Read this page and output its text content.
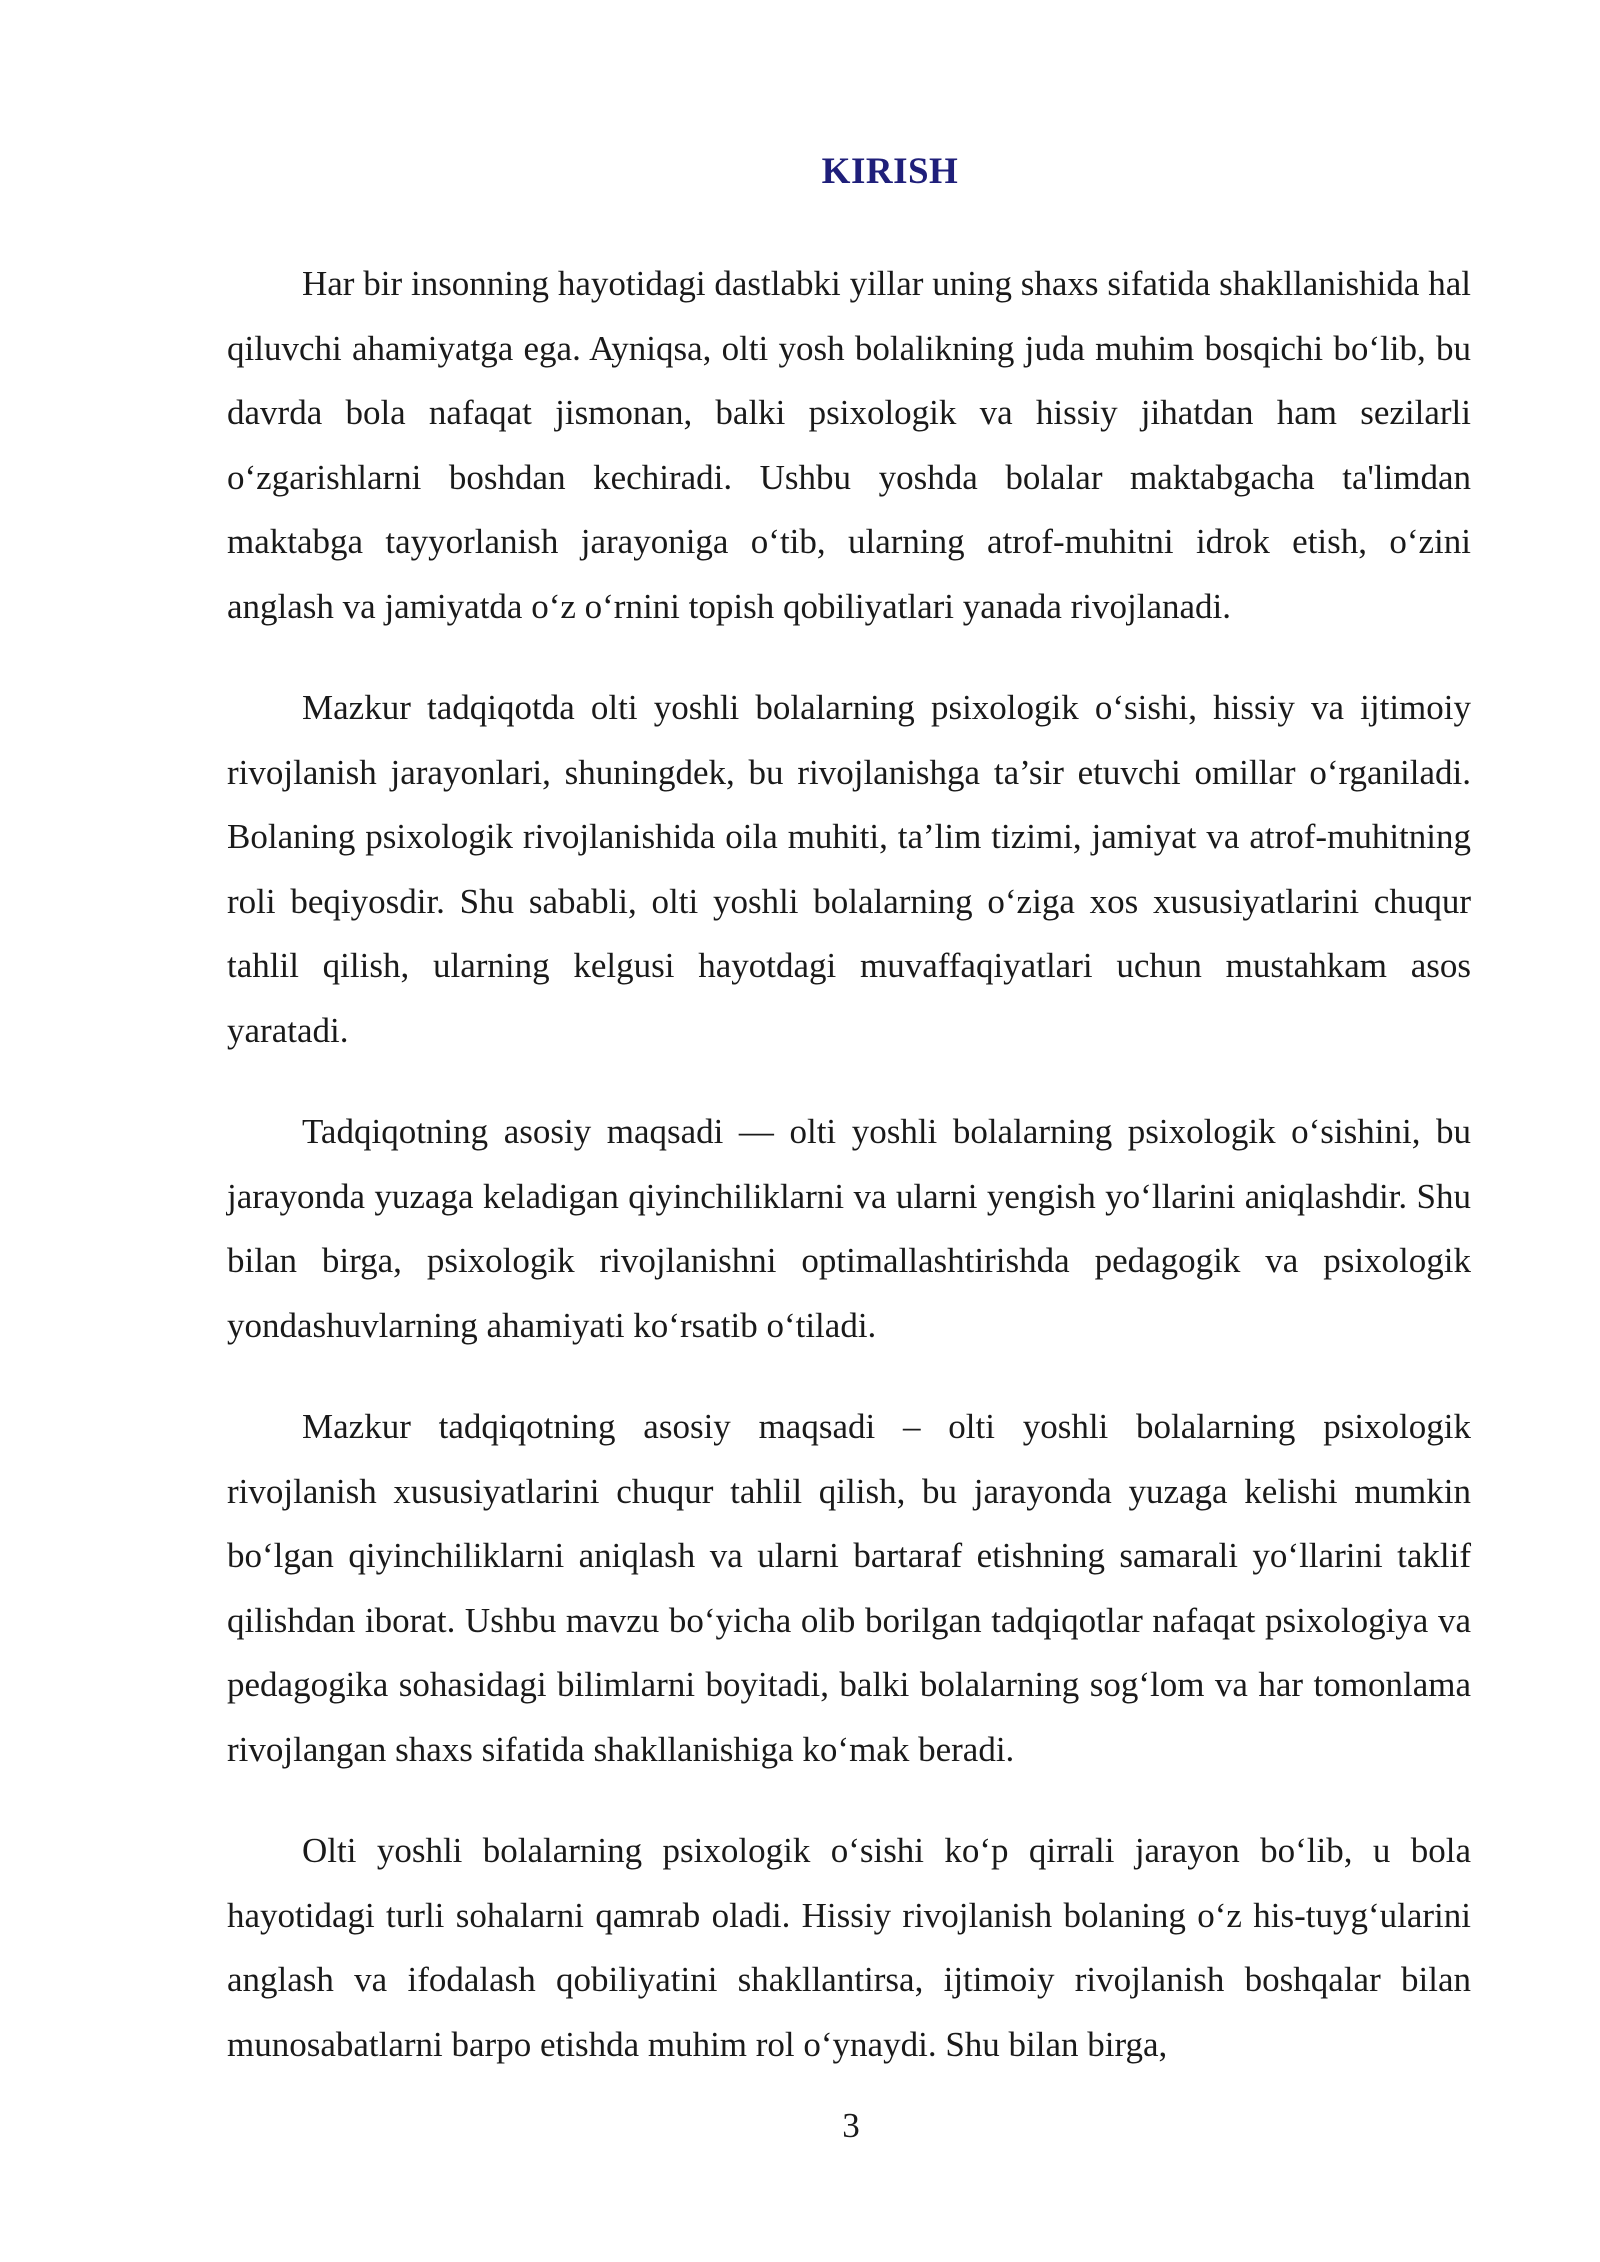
KIRISH

Har bir insonning hayotidagi dastlabki yillar uning shaxs sifatida shakllanishida hal qiluvchi ahamiyatga ega. Ayniqsa, olti yosh bolalikning juda muhim bosqichi bo‘lib, bu davrda bola nafaqat jismonan, balki psixologik va hissiy jihatdan ham sezilarli o‘zgarishlarni boshdan kechiradi. Ushbu yoshda bolalar maktabgacha ta'limdan maktabga tayyorlanish jarayoniga o‘tib, ularning atrof-muhitni idrok etish, o‘zini anglash va jamiyatda o‘z o‘rnini topish qobiliyatlari yanada rivojlanadi.

Mazkur tadqiqotda olti yoshli bolalarning psixologik o‘sishi, hissiy va ijtimoiy rivojlanish jarayonlari, shuningdek, bu rivojlanishga ta’sir etuvchi omillar o‘rganiladi. Bolaning psixologik rivojlanishida oila muhiti, ta’lim tizimi, jamiyat va atrof-muhitning roli beqiyosdir. Shu sababli, olti yoshli bolalarning o‘ziga xos xususiyatlarini chuqur tahlil qilish, ularning kelgusi hayotdagi muvaffaqiyatlari uchun mustahkam asos yaratadi.

Tadqiqotning asosiy maqsadi — olti yoshli bolalarning psixologik o‘sishini, bu jarayonda yuzaga keladigan qiyinchiliklarni va ularni yengish yo‘llarini aniqlashdir. Shu bilan birga, psixologik rivojlanishni optimallashtirishda pedagogik va psixologik yondashuvlarning ahamiyati ko‘rsatib o‘tiladi.

Mazkur tadqiqotning asosiy maqsadi – olti yoshli bolalarning psixologik rivojlanish xususiyatlarini chuqur tahlil qilish, bu jarayonda yuzaga kelishi mumkin bo‘lgan qiyinchiliklarni aniqlash va ularni bartaraf etishning samarali yo‘llarini taklif qilishdan iborat. Ushbu mavzu bo‘yicha olib borilgan tadqiqotlar nafaqat psixologiya va pedagogika sohasidagi bilimlarni boyitadi, balki bolalarning sog‘lom va har tomonlama rivojlangan shaxs sifatida shakllanishiga ko‘mak beradi.

Olti yoshli bolalarning psixologik o‘sishi ko‘p qirrali jarayon bo‘lib, u bola hayotidagi turli sohalarni qamrab oladi. Hissiy rivojlanish bolaning o‘z his-tuyg‘ularini anglash va ifodalash qobiliyatini shakllantirsa, ijtimoiy rivojlanish boshqalar bilan munosabatlarni barpo etishda muhim rol o‘ynaydi. Shu bilan birga,

3
